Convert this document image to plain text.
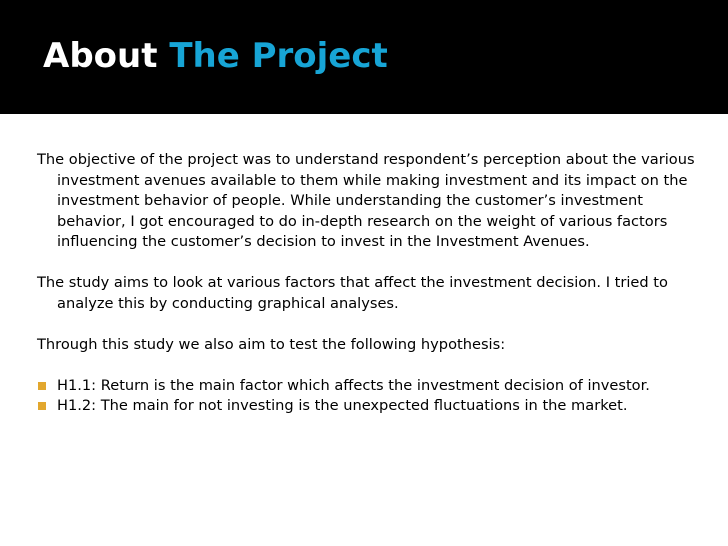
About The Project

The objective of the project was to understand respondent’s perception about the various investment avenues available to them while making investment and its impact on the investment behavior of people. While understanding the customer’s investment behavior, I got encouraged to do in-depth research on the weight of various factors influencing the customer’s decision to invest in the Investment Avenues.

The study aims to look at various factors that affect the investment decision. I tried to analyze this by conducting graphical analyses.

Through this study we also aim to test the following hypothesis:

H1.1: Return is the main factor which affects the investment decision of investor.
H1.2: The main for not investing is the unexpected fluctuations in the market.
